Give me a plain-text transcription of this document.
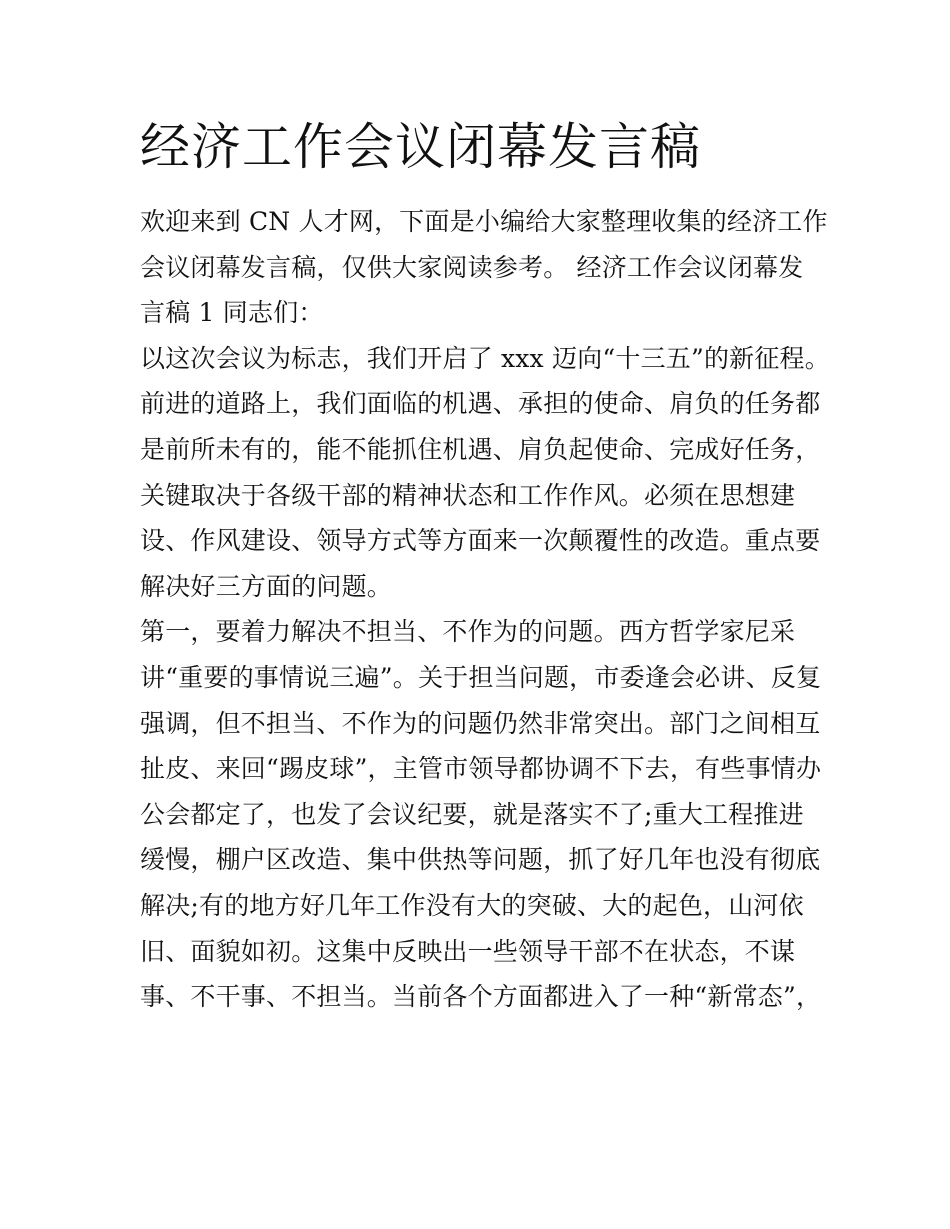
经济工作会议闭幕发言稿
欢迎来到 CN 人才网，下面是小编给大家整理收集的经济工作
会议闭幕发言稿，仅供大家阅读参考。 经济工作会议闭幕发
言稿 1 同志们：
以这次会议为标志，我们开启了 xxx 迈向“十三五”的新征程。
前进的道路上，我们面临的机遇、承担的使命、肩负的任务都
是前所未有的，能不能抓住机遇、肩负起使命、完成好任务，
关键取决于各级干部的精神状态和工作作风。必须在思想建
设、作风建设、领导方式等方面来一次颠覆性的改造。重点要
解决好三方面的问题。
第一，要着力解决不担当、不作为的问题。西方哲学家尼采
讲“重要的事情说三遍”。关于担当问题，市委逢会必讲、反复
强调，但不担当、不作为的问题仍然非常突出。部门之间相互
扯皮、来回“踢皮球”，主管市领导都协调不下去，有些事情办
公会都定了，也发了会议纪要，就是落实不了;重大工程推进
缓慢，棚户区改造、集中供热等问题，抓了好几年也没有彻底
解决;有的地方好几年工作没有大的突破、大的起色，山河依
旧、面貌如初。这集中反映出一些领导干部不在状态，不谋
事、不干事、不担当。当前各个方面都进入了一种“新常态”，
